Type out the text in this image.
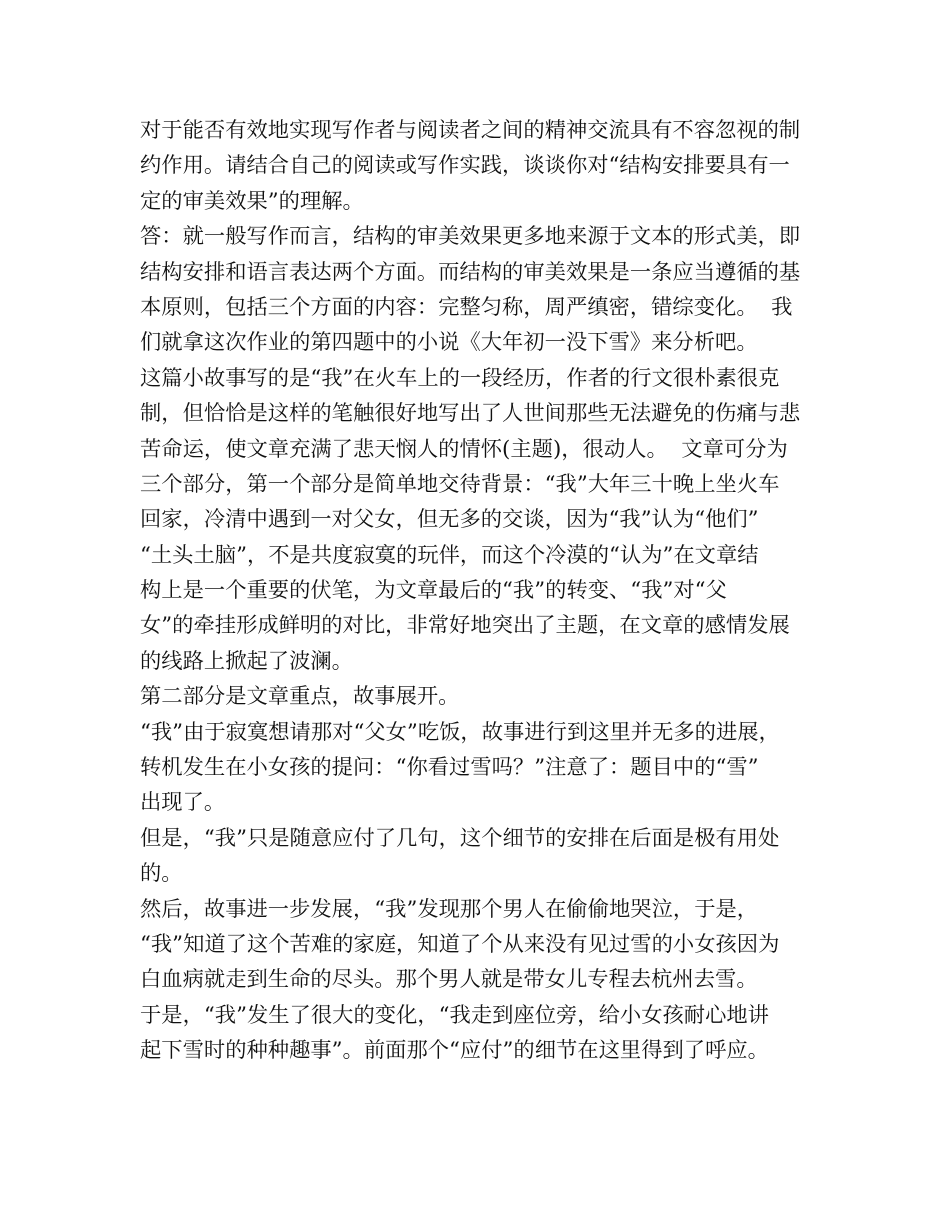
对于能否有效地实现写作者与阅读者之间的精神交流具有不容忽视的制
约作用。请结合自己的阅读或写作实践，谈谈你对“结构安排要具有一
定的审美效果”的理解。
答：就一般写作而言，结构的审美效果更多地来源于文本的形式美，即
结构安排和语言表达两个方面。而结构的审美效果是一条应当遵循的基
本原则，包括三个方面的内容：完整匀称，周严缜密，错综变化。  我
们就拿这次作业的第四题中的小说《大年初一没下雪》来分析吧。
这篇小故事写的是“我”在火车上的一段经历，作者的行文很朴素很克
制，但恰恰是这样的笔触很好地写出了人世间那些无法避免的伤痛与悲
苦命运，使文章充满了悲天悯人的情怀(主题)，很动人。  文章可分为
三个部分，第一个部分是简单地交待背景：“我”大年三十晚上坐火车
回家，冷清中遇到一对父女，但无多的交谈，因为“我”认为“他们”
“土头土脑”，不是共度寂寞的玩伴，而这个冷漠的“认为”在文章结
构上是一个重要的伏笔，为文章最后的“我”的转变、“我”对“父
女”的牵挂形成鲜明的对比，非常好地突出了主题，在文章的感情发展
的线路上掀起了波澜。
第二部分是文章重点，故事展开。
“我”由于寂寞想请那对“父女”吃饭，故事进行到这里并无多的进展，
转机发生在小女孩的提问：“你看过雪吗？”注意了：题目中的“雪”
出现了。
但是，“我”只是随意应付了几句，这个细节的安排在后面是极有用处
的。
然后，故事进一步发展，“我”发现那个男人在偷偷地哭泣，于是，
“我”知道了这个苦难的家庭，知道了个从来没有见过雪的小女孩因为
白血病就走到生命的尽头。那个男人就是带女儿专程去杭州去雪。
于是，“我”发生了很大的变化，“我走到座位旁，给小女孩耐心地讲
起下雪时的种种趣事”。前面那个“应付”的细节在这里得到了呼应。
